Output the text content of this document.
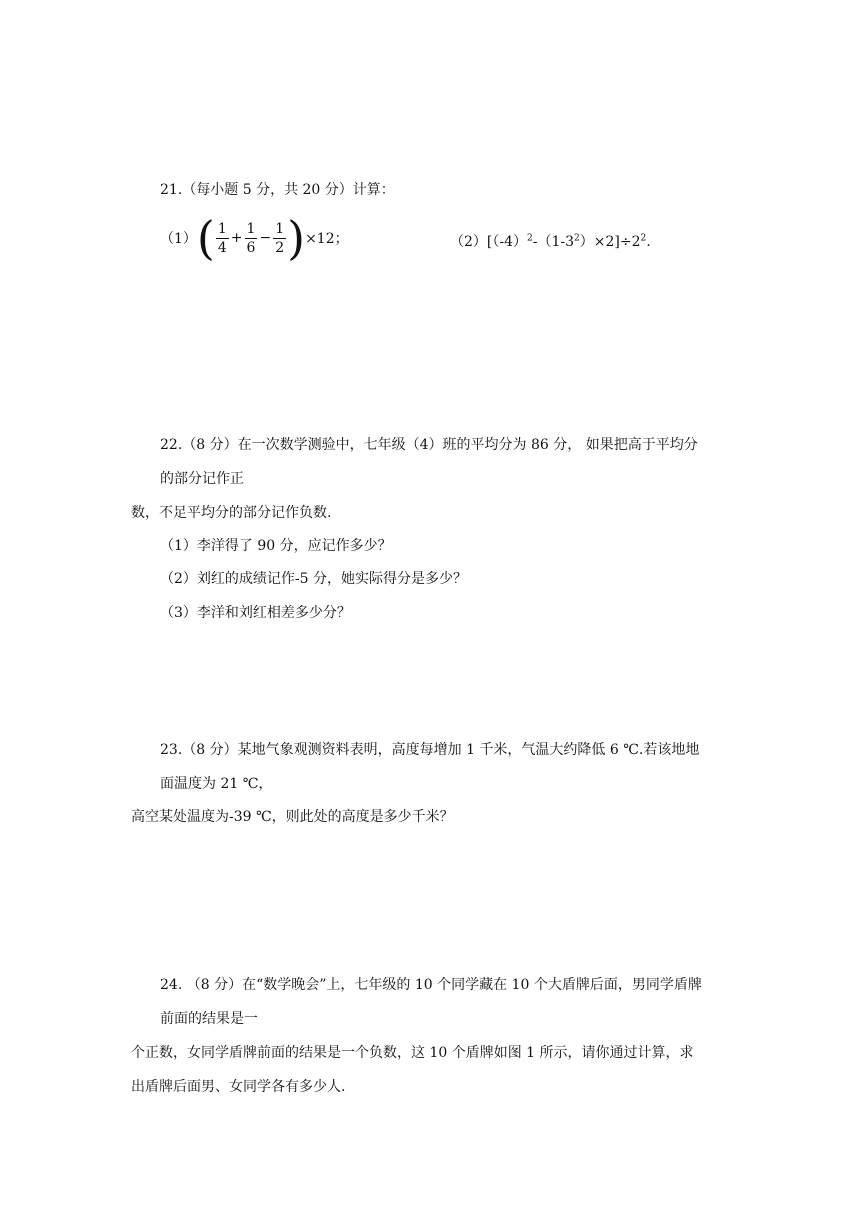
21.（每小题 5 分，共 20 分）计算：
（1） ( $\frac{1}{4} + \frac{1}{6} - \frac{1}{2}$ ) ×12；	$(2)[(-4)^2-(1-3^2)\times 2]\div 2^2$.
22.（8 分）在一次数学测验中，七年级（4）班的平均分为 86 分， 如果把高于平均分
的部分记作正
数，不足平均分的部分记作负数.
（1）李洋得了 90 分，应记作多少？
（2）刘红的成绩记作-5 分，她实际得分是多少？
（3）李洋和刘红相差多少分？
23.（8 分）某地气象观测资料表明，高度每增加 1 千米，气温大约降低 6 ℃.若该地地
面温度为 21 ℃，
高空某处温度为-39 ℃，则此处的高度是多少千米？
24. （8 分）在“数学晚会”上，七年级的 10 个同学藏在 10 个大盾牌后面，男同学盾牌
前面的结果是一
个正数，女同学盾牌前面的结果是一个负数，这 10 个盾牌如图 1 所示，请你通过计算，求
出盾牌后面男、女同学各有多少人.
